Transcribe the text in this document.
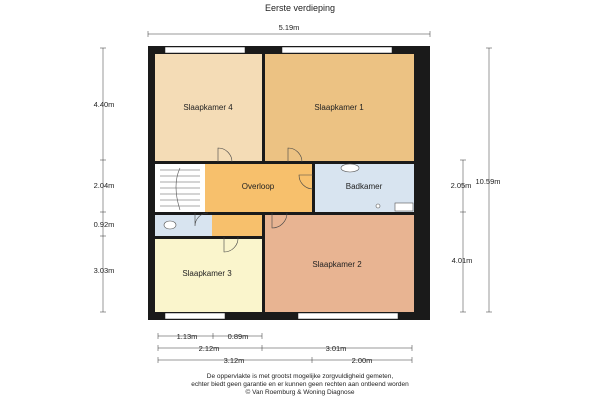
Eerste verdieping
Slaapkamer 4	Slaapkamer 1
Overloop	Badkamer
Slaapkamer 3
Slaapkamer 2
5.19m
4.40m
2.04m
0.92m
3.03m
2.05m
4.01m
10.59m
1.13m	0.89m
2.12m	3.01m
3.12m	2.00m
De oppervlakte is met grootst mogelijke zorgvuldigheid gemeten,
echter biedt geen garantie en er kunnen geen rechten aan ontleend worden
© Van Roemburg & Woning Diagnose
